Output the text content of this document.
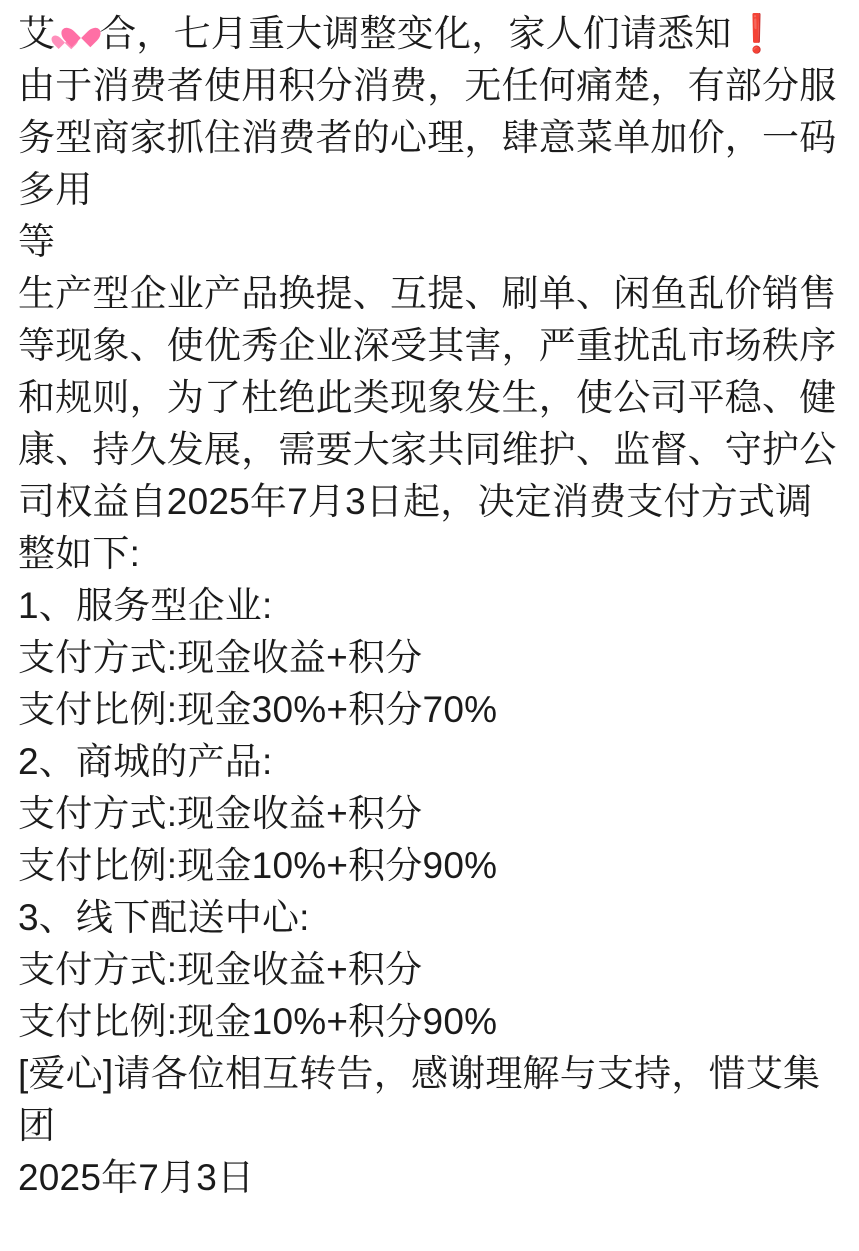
艾

合，七月重大调整变化，家人们请悉知 ❗
由于消费者使用积分消费，无任何痛楚，有部分服务型商家抓住消费者的心理，肆意菜单加价，一码多用
等
生产型企业产品换提、互提、刷单、闲鱼乱价销售等现象、使优秀企业深受其害，严重扰乱市场秩序和规则，为了杜绝此类现象发生，使公司平稳、健康、持久发展，需要大家共同维护、监督、守护公司权益自2025年7月3日起，决定消费支付方式调整如下:
1、服务型企业:
支付方式:现金收益+积分
支付比例:现金30%+积分70%
2、商城的产品:
支付方式:现金收益+积分
支付比例:现金10%+积分90%
3、线下配送中心:
支付方式:现金收益+积分
支付比例:现金10%+积分90%
[爱心]请各位相互转告，感谢理解与支持，惜艾集团
2025年7月3日
